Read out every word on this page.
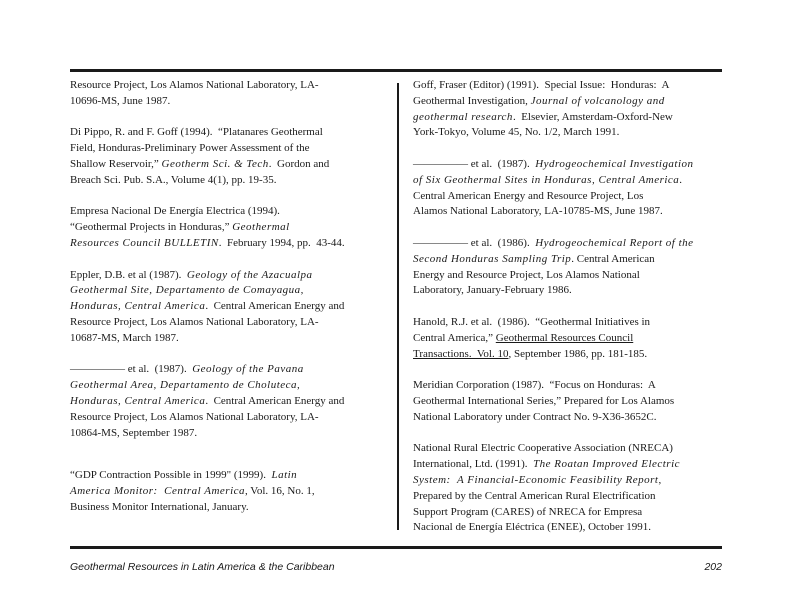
Resource Project, Los Alamos National Laboratory, LA-
10696-MS, June 1987.

Di Pippo, R. and F. Goff (1994).  “Platanares Geothermal
Field, Honduras-Preliminary Power Assessment of the
Shallow Reservoir,” Geotherm Sci. & Tech.  Gordon and
Breach Sci. Pub. S.A., Volume 4(1), pp. 19-35.

Empresa Nacional De Energía Electrica (1994).
“Geothermal Projects in Honduras,” Geothermal
Resources Council BULLETIN.  February 1994, pp.  43-44.

Eppler, D.B. et al (1987).  Geology of the Azacualpa
Geothermal Site, Departamento de Comayagua,
Honduras, Central America.  Central American Energy and
Resource Project, Los Alamos National Laboratory, LA-
10687-MS, March 1987.

————— et al.  (1987).  Geology of the Pavana
Geothermal Area, Departamento de Choluteca,
Honduras, Central America.  Central American Energy and
Resource Project, Los Alamos National Laboratory, LA-
10864-MS, September 1987.

“GDP Contraction Possible in 1999" (1999).  Latin
America Monitor:  Central America, Vol. 16, No. 1,
Business Monitor International, January.

Goff, Fraser (Editor) (1991).  Special Issue:  Honduras:  A
Geothermal Investigation, Journal of volcanology and
geothermal research.  Elsevier, Amsterdam-Oxford-New
York-Tokyo, Volume 45, No. 1/2, March 1991.

————— et al.  (1987).  Hydrogeochemical Investigation
of Six Geothermal Sites in Honduras, Central America.
Central American Energy and Resource Project, Los
Alamos National Laboratory, LA-10785-MS, June 1987.

————— et al.  (1986).  Hydrogeochemical Report of the
Second Honduras Sampling Trip. Central American
Energy and Resource Project, Los Alamos National
Laboratory, January-February 1986.

Hanold, R.J. et al.  (1986).  “Geothermal Initiatives in
Central America,” Geothermal Resources Council
Transactions.  Vol. 10, September 1986, pp. 181-185.

Meridian Corporation (1987).  “Focus on Honduras:  A
Geothermal International Series,” Prepared for Los Alamos
National Laboratory under Contract No. 9-X36-3652C.

National Rural Electric Cooperative Association (NRECA)
International, Ltd. (1991).  The Roatan Improved Electric
System:  A Financial-Economic Feasibility Report,
Prepared by the Central American Rural Electrification
Support Program (CARES) of NRECA for Empresa
Nacional de Energía Eléctrica (ENEE), October 1991.

Geothermal Resources in Latin America & the Caribbean	202
